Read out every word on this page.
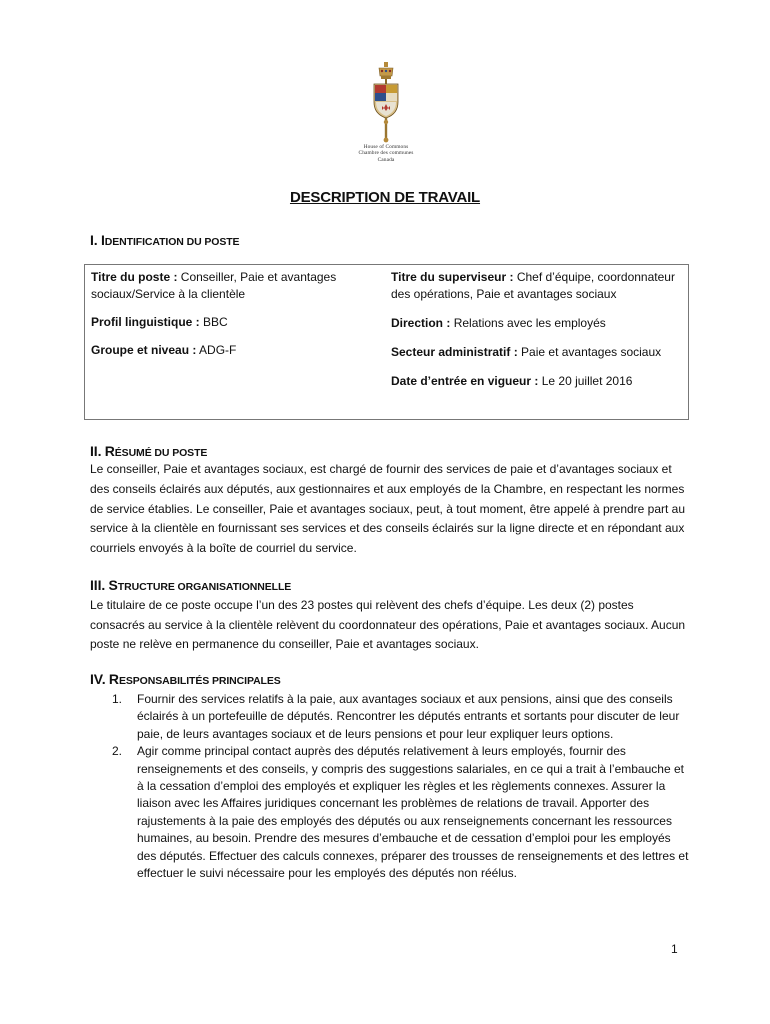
House of Commons
Chambre des communes
Canada
DESCRIPTION DE TRAVAIL
I. IDENTIFICATION DU POSTE
Titre du poste : Conseiller, Paie et avantages sociaux/Service à la clientèle
Profil linguistique : BBC
Groupe et niveau : ADG-F
Titre du superviseur : Chef d’équipe, coordonnateur des opérations, Paie et avantages sociaux
Direction : Relations avec les employés
Secteur administratif : Paie et avantages sociaux
Date d’entrée en vigueur : Le 20 juillet 2016
II. RÉSUMÉ DU POSTE
Le conseiller, Paie et avantages sociaux, est chargé de fournir des services de paie et d’avantages sociaux et des conseils éclairés aux députés, aux gestionnaires et aux employés de la Chambre, en respectant les normes de service établies. Le conseiller, Paie et avantages sociaux, peut, à tout moment, être appelé à prendre part au service à la clientèle en fournissant ses services et des conseils éclairés sur la ligne directe et en répondant aux courriels envoyés à la boîte de courriel du service.
III. STRUCTURE ORGANISATIONNELLE
Le titulaire de ce poste occupe l’un des 23 postes qui relèvent des chefs d’équipe. Les deux (2) postes consacrés au service à la clientèle relèvent du coordonnateur des opérations, Paie et avantages sociaux. Aucun poste ne relève en permanence du conseiller, Paie et avantages sociaux.
IV. RESPONSABILITÉS PRINCIPALES
1. Fournir des services relatifs à la paie, aux avantages sociaux et aux pensions, ainsi que des conseils éclairés à un portefeuille de députés. Rencontrer les députés entrants et sortants pour discuter de leur paie, de leurs avantages sociaux et de leurs pensions et pour leur expliquer leurs options.
2. Agir comme principal contact auprès des députés relativement à leurs employés, fournir des renseignements et des conseils, y compris des suggestions salariales, en ce qui a trait à l’embauche et à la cessation d’emploi des employés et expliquer les règles et les règlements connexes. Assurer la liaison avec les Affaires juridiques concernant les problèmes de relations de travail. Apporter des rajustements à la paie des employés des députés ou aux renseignements concernant les ressources humaines, au besoin. Prendre des mesures d’embauche et de cessation d’emploi pour les employés des députés. Effectuer des calculs connexes, préparer des trousses de renseignements et des lettres et effectuer le suivi nécessaire pour les employés des députés non réélus.
1
